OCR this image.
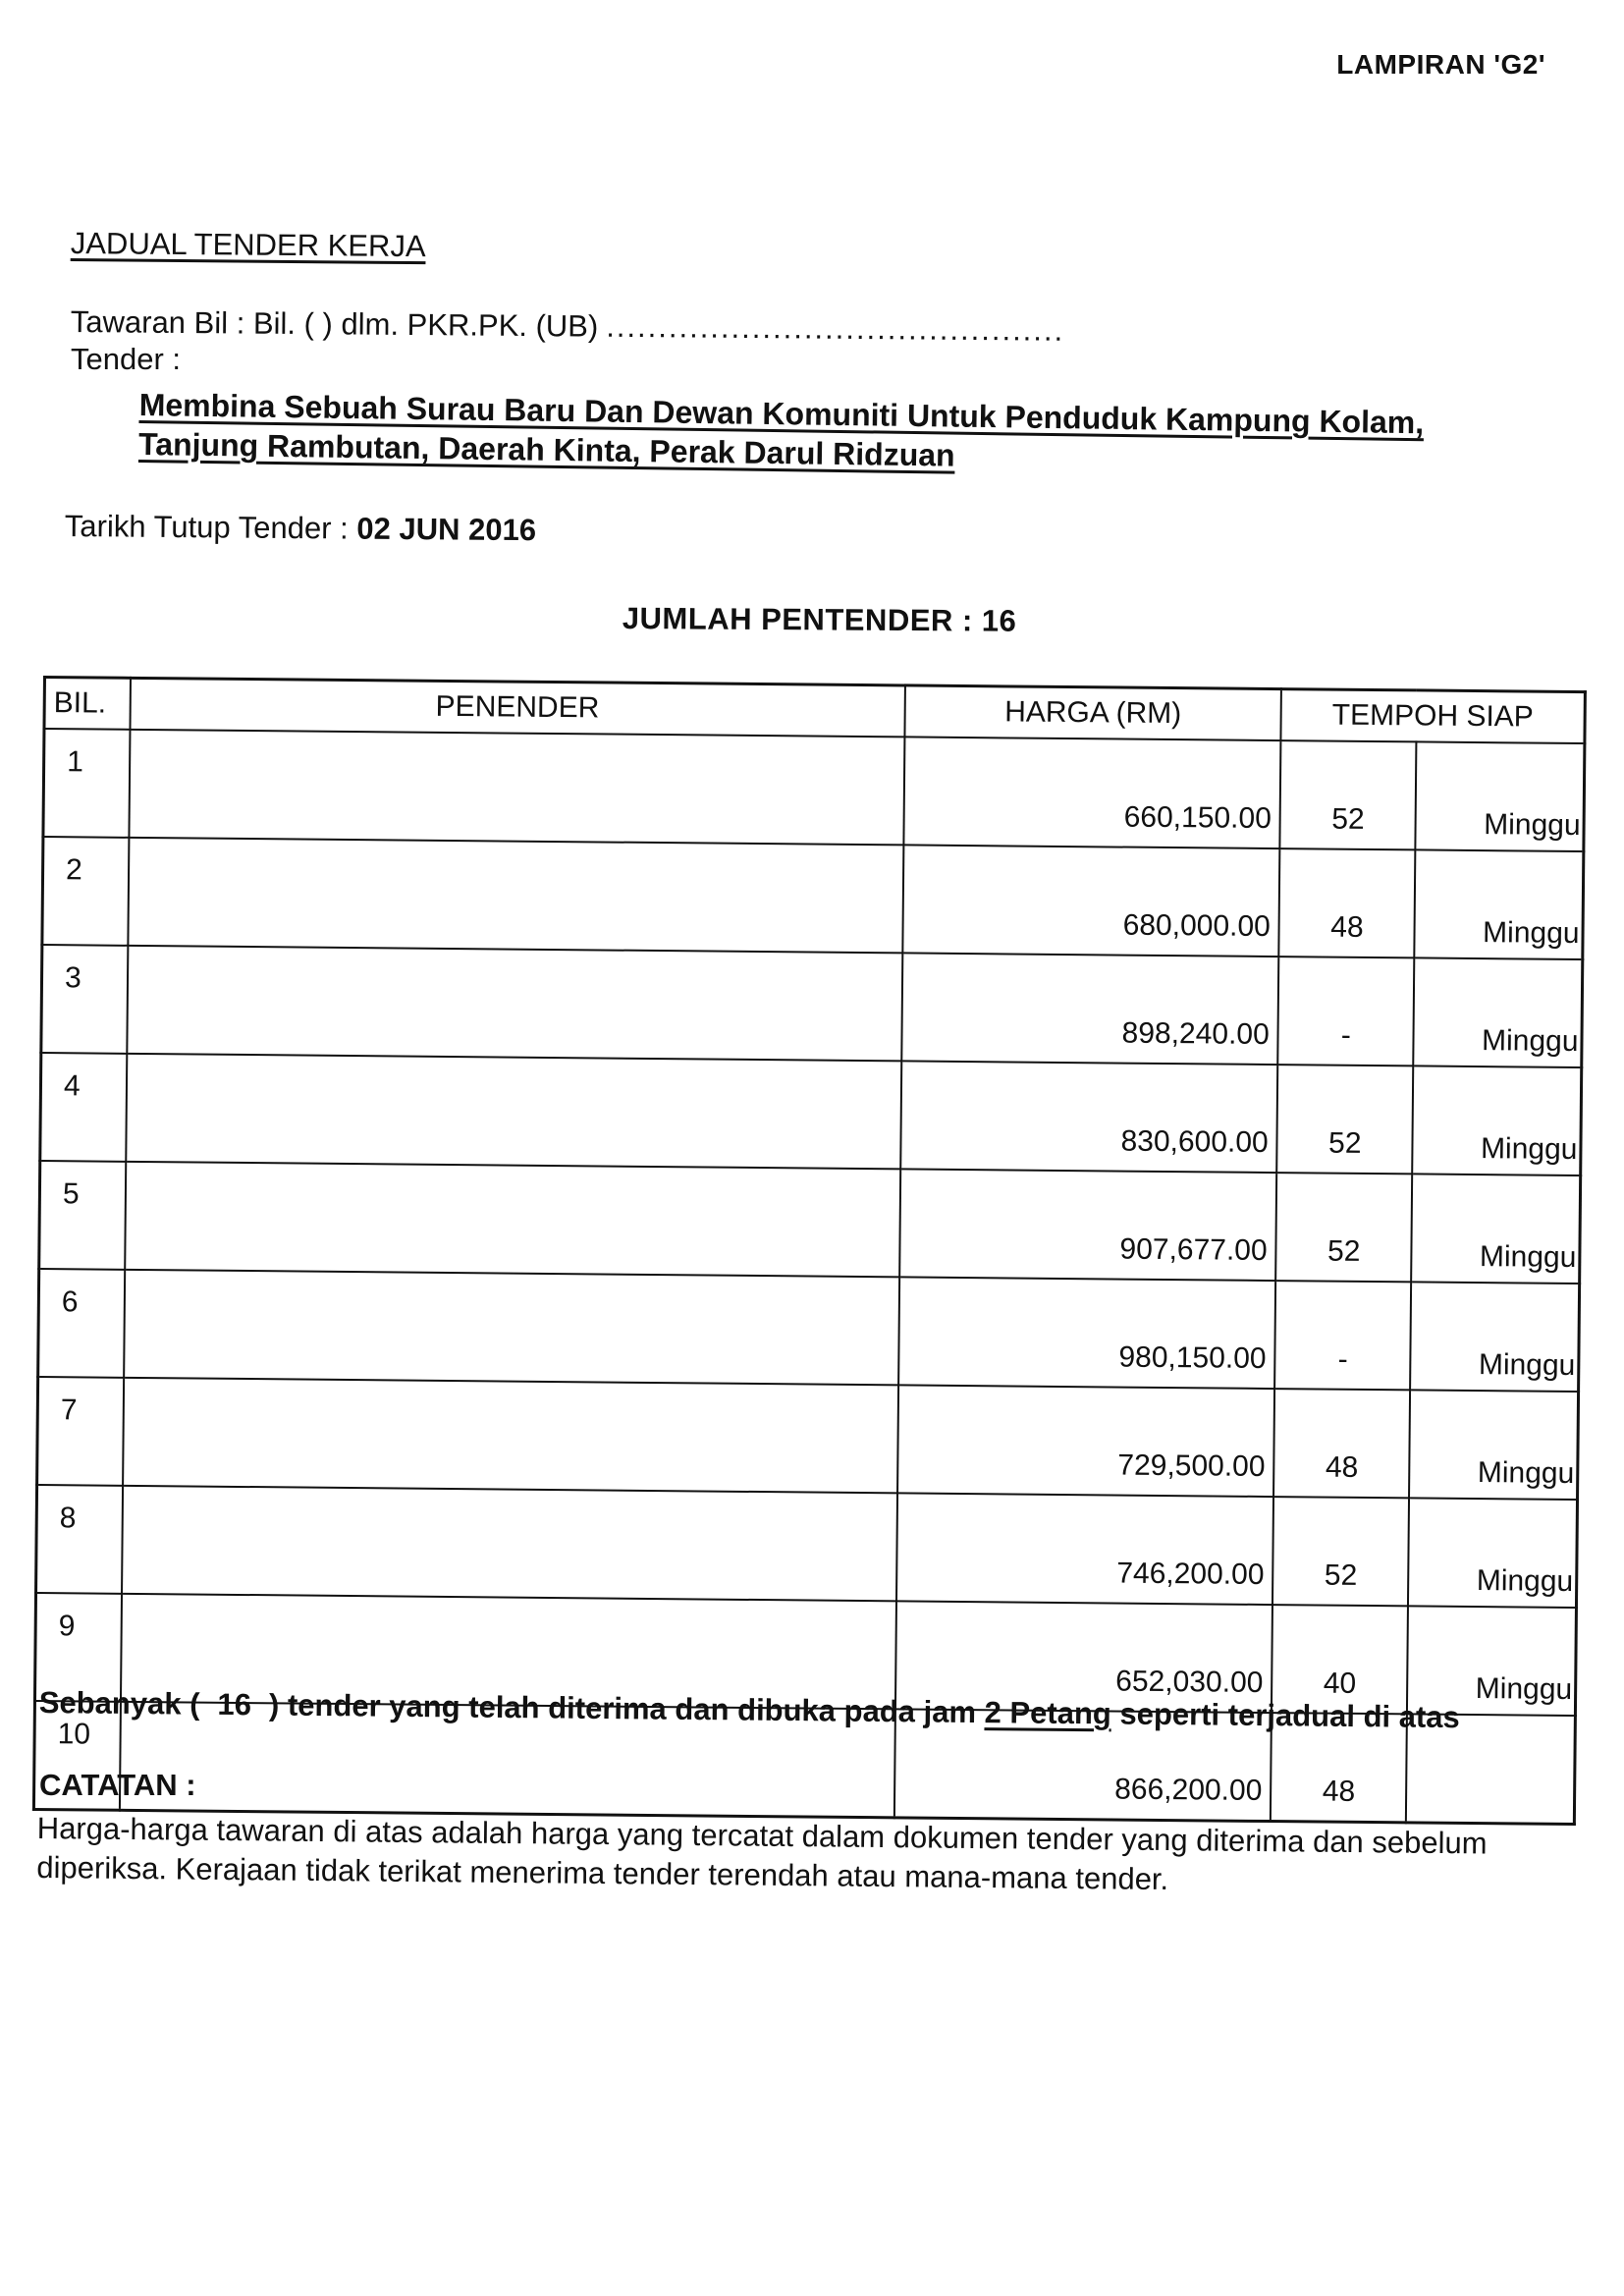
LAMPIRAN 'G2'
JADUAL TENDER KERJA
Tawaran Bil : Bil. ( ) dlm. PKR.PK. (UB) ............................................
Tender :
Membina Sebuah Surau Baru Dan Dewan Komuniti Untuk Penduduk Kampung Kolam,
Tanjung Rambutan, Daerah Kinta, Perak Darul Ridzuan
Tarikh Tutup Tender : 02 JUN 2016
JUMLAH PENTENDER : 16
BIL.	PENENDER	HARGA (RM)	TEMPOH SIAP	
1		660,150.00	52	Minggu
2		680,000.00	48	Minggu
3		898,240.00	-	Minggu
4		830,600.00	52	Minggu
5		907,677.00	52	Minggu
6		980,150.00	-	Minggu
7		729,500.00	48	Minggu
8		746,200.00	52	Minggu
9		652,030.00	40	Minggu
10		866,200.00	48	
Sebanyak ( 16 ) tender yang telah diterima dan dibuka pada jam 2 Petang seperti terjadual di atas
CATATAN :
Harga-harga tawaran di atas adalah harga yang tercatat dalam dokumen tender yang diterima dan sebelum diperiksa. Kerajaan tidak terikat menerima tender terendah atau mana-mana tender.
